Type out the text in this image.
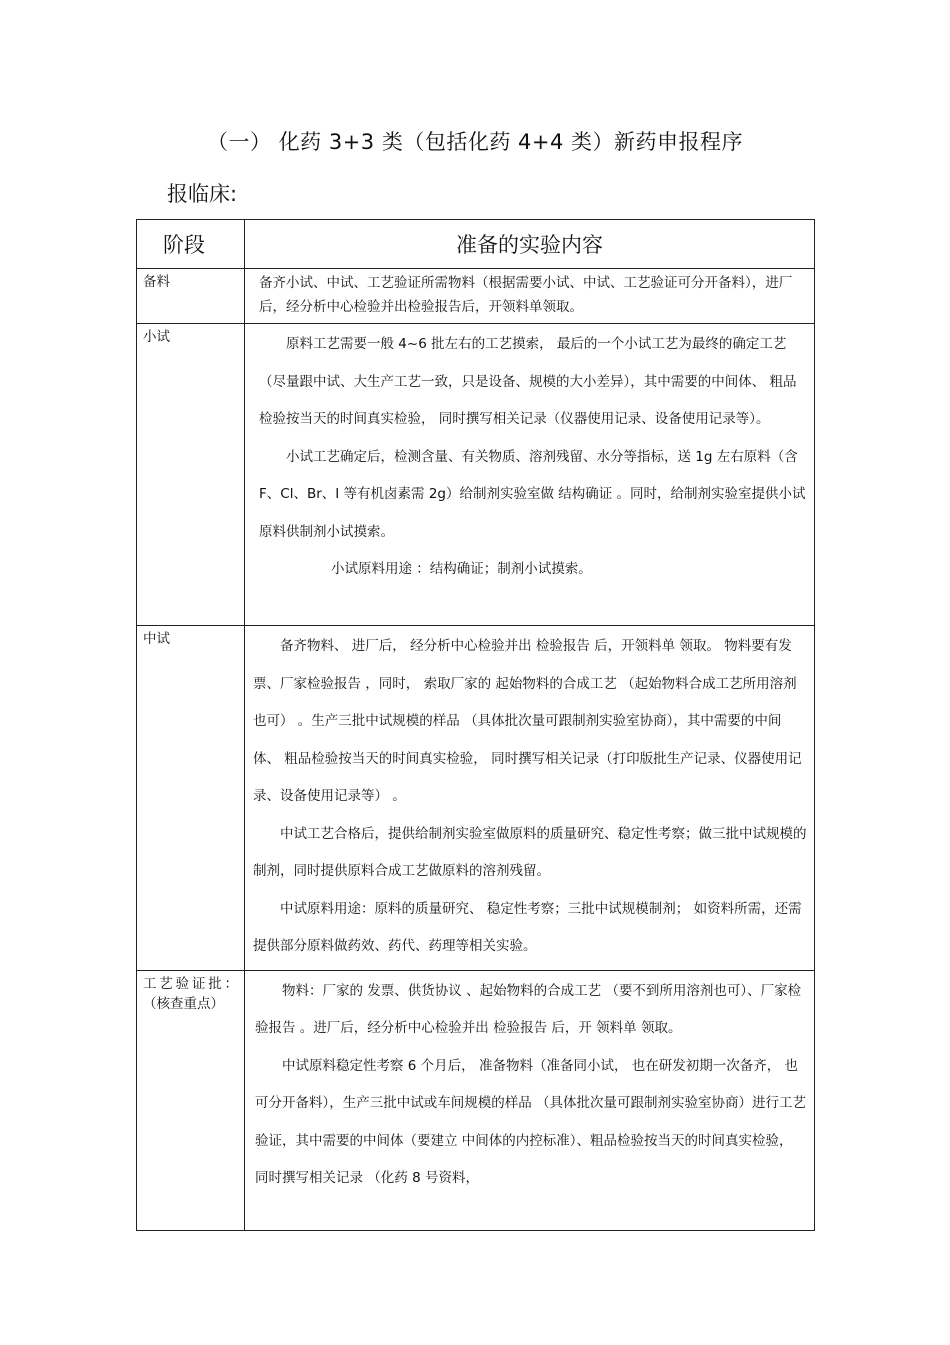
（一） 化药 3+3 类（包括化药 4+4 类）新药申报程序
报临床:
阶段	准备的实验内容
备料	备齐小试、中试、工艺验证所需物料（根据需要小试、中试、工艺验证可分开备料），进厂后，经分析中心检验并出检验报告后，开领料单领取。

小试	原料工艺需要一般 4~6 批左右的工艺摸索， 最后的一个小试工艺为最终的确定工艺（尽量跟中试、大生产工艺一致，只是设备、规模的大小差异），其中需要的中间体、 粗品检验按当天的时间真实检验， 同时撰写相关记录（仪器使用记录、设备使用记录等）。

小试工艺确定后，检测含量、有关物质、溶剂残留、水分等指标，送 1g 左右原料（含 F、Cl、Br、I 等有机卤素需 2g）给制剂实验室做 结构确证 。同时，给制剂实验室提供小试原料供制剂小试摸索。

小试原料用途 ：结构确证；制剂小试摸索。

中试	备齐物料、 进厂后， 经分析中心检验并出 检验报告 后，开领料单 领取。 物料要有发票、厂家检验报告 ，同时， 索取厂家的 起始物料的合成工艺 （起始物料合成工艺所用溶剂也可） 。生产三批中试规模的样品 （具体批次量可跟制剂实验室协商），其中需要的中间体、 粗品检验按当天的时间真实检验， 同时撰写相关记录（打印版批生产记录、仪器使用记录、设备使用记录等） 。

中试工艺合格后，提供给制剂实验室做原料的质量研究、稳定性考察；做三批中试规模的制剂，同时提供原料合成工艺做原料的溶剂残留。

中试原料用途：原料的质量研究、 稳定性考察；三批中试规模制剂； 如资料所需，还需提供部分原料做药效、药代、药理等相关实验。

工艺验证批：（核查重点）	物料：厂家的 发票、供货协议 、起始物料的合成工艺 （要不到所用溶剂也可）、厂家检验报告 。进厂后，经分析中心检验并出 检验报告 后，开 领料单 领取。

中试原料稳定性考察 6 个月后， 准备物料（准备同小试， 也在研发初期一次备齐， 也可分开备料），生产三批中试或车间规模的样品 （具体批次量可跟制剂实验室协商）进行工艺验证，其中需要的中间体（要建立 中间体的内控标准）、粗品检验按当天的时间真实检验， 同时撰写相关记录 （化药 8 号资料，
